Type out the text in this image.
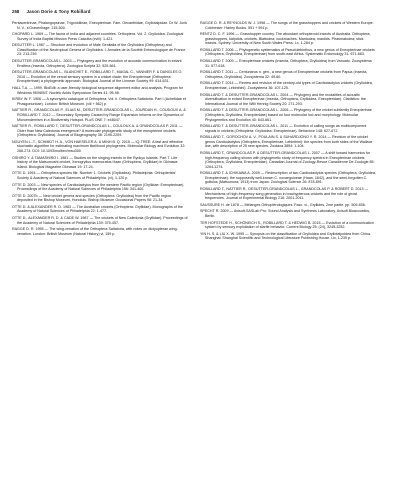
258 Jason Dorie & Tony Robillard

Pentacentrinae, Phalangopsinae, Trigonidiinae, Eneopterinae. Fam. Oecanthidae, Gryllotalpidae. Dr W. Junk N. V., s'Gravenhage: 215-500.

CHOPARD L. 1969 — The fauna of India and adjacent countries. Orthoptera. Vol. 2. Grylloidea. Zoological Survey of India Baptist Mission Press Calcutta (xviii): 1-421.

DESUTTER L. 1987 — Structure and evolution of Male Genitalia of the Grylloidea (Orthoptera) and Classification of the Neotropical Genera of Grylloidea. I. Annales de la Société Entomologique de France 23: 213-239.

DESUTTER-GRANDCOLAS L. 2003 — Phylogeny and the evolution of acoustic communication in extant Ensifera (Insecta, Orthoptera). Zoologica Scripta 32: 525-561.

DESUTTER-GRANDCOLAS L., BLANCHET E., ROBILLARD T., MAGAL C., VANNIER F. & DANGLES O. 2010 — Evolution of the cercal sensory system in a cricket clade: the Eneopterinae (Orthoptera: Eneopterinae) a phylogenetic approach. Biological Journal of the Linnean Society 99: 614-631.

HALL T.A. — 1999. BioEdit: a user-friendly biological sequence alignment editor and analysis. Program for Windows 95/98/NT. Nucleic Acids Symposium Series 41: 95-98.

KIRBY W. F. 1906 — A synonymic catalogue of Orthoptera. Vol. ii. Orthoptera Saltatoria. Part I (Achetidae et Phasgonuridae). London: British Museum. (viii + 562) p.

NATTIER R., GRANDCOLAS P., ELIAS M., DESUTTER-GRANDCOLAS L., JOURDAN H., COUDOUX A. & ROBILLARD T. 2012 — Secondary Sympatry Caused by Range Expansion Informs on the Dynamics of Microendemism in a Biodiversity Hotspot. PLoS ONE 7: e48047.

NATTIER R., ROBILLARD T., DESUTTER-GRANDCOLAS L., COULOUX A. & GRANDCOLAS P. 2011 — Older than New Caledonia emergence? A molecular phylogenetic study of the eneopterine crickets (Orthoptera: Grylloidea). Journal of Biogeography 38: 2195-2209.

NGUYEN L.-T., SCHMIDT H. A., VON HAESELER A. & MINH B. Q. 2015 — IQ-TREE: A fast and effective stochastic algorithm for estimating maximum likelihood phylogenies. Molecular Biology and Evolution 32: 268-274. DOI: 10.1093/molbev/msu300.

OSHIRO Y. & TAMASHIRO I. 1981 — Studies on the singing insects in the Ryukyu Islands. Part 7. Life history of the Matsumushi cricket, Xenogryllus marmoratus Haan (Orthoptera, Gryllidae) in Okinawa Island. Biological Magazine Okinawa 19: 17-24.

OTTE D. 1994 — Orthoptera species file. Number 1. Crickets (Grylloidea). Philadelphia: Orthopterists' Society & Academy of Natural Sciences of Philadelphia. (vi), 1-120 p.

OTTE D. 2003 — New species of Cardiodactylus from the western Pacific region (Gryllidae: Eneopterinae). Proceedings of the Academy of Natural Sciences of Philadelphia 156: 341-400.

OTTE D. 2007b — New cricket genera and species (Orthoptera: Grylloidea) from the Pacific region deposited in the Bishop Museum, Honolulu. Bishop Museum Occasional Papers 98: 21-34.

OTTE D. & ALEXANDER R. D. 1983 — The Australian crickets (Orthoptera: Gryllidae). Monographs of the Academy of Natural Sciences of Philadelphia 22: 1-477.

OTTE D., ALEXANDER R. D. & CADE W. 1987 — The crickets of New Caledonia (Gryllidae). Proceedings of the Academy of Natural Sciences of Philadelphia 139: 375-457.

RAGGE D. R. 1955 — The wing-venation of the Orthoptera Saltatoria, with notes on dictyopteran wing-venation. London: British Museum (Natural History) vi, 159 p.

RAGGE D. R. & REYNOLDS W. J. 1998 — The songs of the grasshoppers and crickets of Western Europe. Colchester: Harley Books. 591 + 591 p.

RENTZ D. C. F. 1996 — Grasshopper country. The abundant orthopteroid insects of Australia. Orthoptera; grasshoppers, katydids, crickets. Blattodea; cockroaches. Mantodea; mantids. Phasmatodea; stick insects. Sydney: University of New South Wales Press. i-x, 1-284 p.

ROBILLARD T. 2006 — Phylogenetic systematics of Pseudolebinthus, a new genus of Eneopterinae crickets (Orthoptera, Grylloidea, Eneopterinae) from south-east Africa. Systematic Entomology 31: 671-683.

ROBILLARD T. 2009 — Eneopterinae crickets (Insecta, Orthoptera, Grylloidea) from Vanuatu. Zoosystema 31: 577-618.

ROBILLARD T. 2011 — Centuriarus n. gen., a new genus of Eneopterinae crickets from Papua (Insecta, Orthoptera, Grylloidea). Zoosystema 32: 49-60.

ROBILLARD T. 2014 — Review and revision of the century-old types of Cardiodactylus crickets (Grylloidea, Eneopterinae, Lebinthini). Zoosystema 36: 107-125.

ROBILLARD T. & DESUTTER-GRANDCOLAS L. 2004 — Phylogeny and the modalities of acoustic diversification in extant Eneopterinae (Insecta, Orthoptera, Grylloidea, Eneopteridae). Cladistics: the International Journal of the Willi Hennig Society 20: 271-293.

ROBILLARD T. & DESUTTER-GRANDCOLAS L. 2006 — Phylogeny of the cricket subfamily Eneopterinae (Orthoptera, Grylloidea, Eneopteridae) based on four molecular loci and morphology. Molecular Phylogenetics and Evolution 40: 643-661.

ROBILLARD T. & DESUTTER-GRANDCOLAS L. 2011 — Evolution of calling songs as multicomponent signals in crickets (Orthoptera: Grylloidea: Eneopterinae). Behaviour 148: 627-672.

ROBILLARD T., GOROCHOV A. V., POULAIN S. & SUHARDJONO Y. R. 2014 — Revision of the cricket genus Cardiodactylus (Orthoptera, Eneopterinae, Lebinthini): the species from both sides of the Wallace line, with description of 25 new species. Zootaxa 3854: 1-104.

ROBILLARD T., GRANDCOLAS P. & DESUTTER-GRANDCOLAS L. 2007 — A shift toward harmonics for high-frequency calling shown with phylogenetic study of frequency spectra in Eneopterinae crickets (Orthoptera, Grylloidea, Eneopteridae). Canadian Journal of Zoology-Revue Canadienne De Zoologie 85: 1264-1274.

ROBILLARD T. & ICHIKAWA A. 2009 — Redescription of two Cardiodactylus species (Orthoptera, Grylloidea, Eneopterinae): the supposedly well-known C. novaeguineae (Haan, 1842), and the semi-forgotten C. guttulus (Matsumura, 1913) from Japan. Zoological Science 26: 878-891.

ROBILLARD T., NATTIER R., DESUTTER-GRANDCOLAS L., GRANDCOLAS P. & ROBERT D. 2013 — Mechanisms of high-frequency song generation in brachypterous crickets and the role of ghost frequencies. Journal of Experimental Biology 216: 2001-2011.

SAUSSURE H. de 1878 — Mélanges Orthoptérologiques. Fasc. vi., Gryllides, 2me partie. pp. 509-836.

SPECHT R. 2009 — Avisoft-SASLab Pro: Sound Analysis and Synthesis Laboratory. Avisoft Bioacoustics, Berlin.

TER HOFSTEDE H., SCHÖNEICH S., ROBILLARD T. & HEDWIG B. 2015 — Evolution of a communication system by sensory exploitation of startle behavior. Current Biology 25: (24), 3245-3252.

YIN H. S. & LIU X. W. 1995 — Synopsis on the classification of Grylloidea and Gryllotalpoidea from China. Shanghai: Shanghai Scientific and Technological Literature Publishing House. i-iv, 1-239 p.
